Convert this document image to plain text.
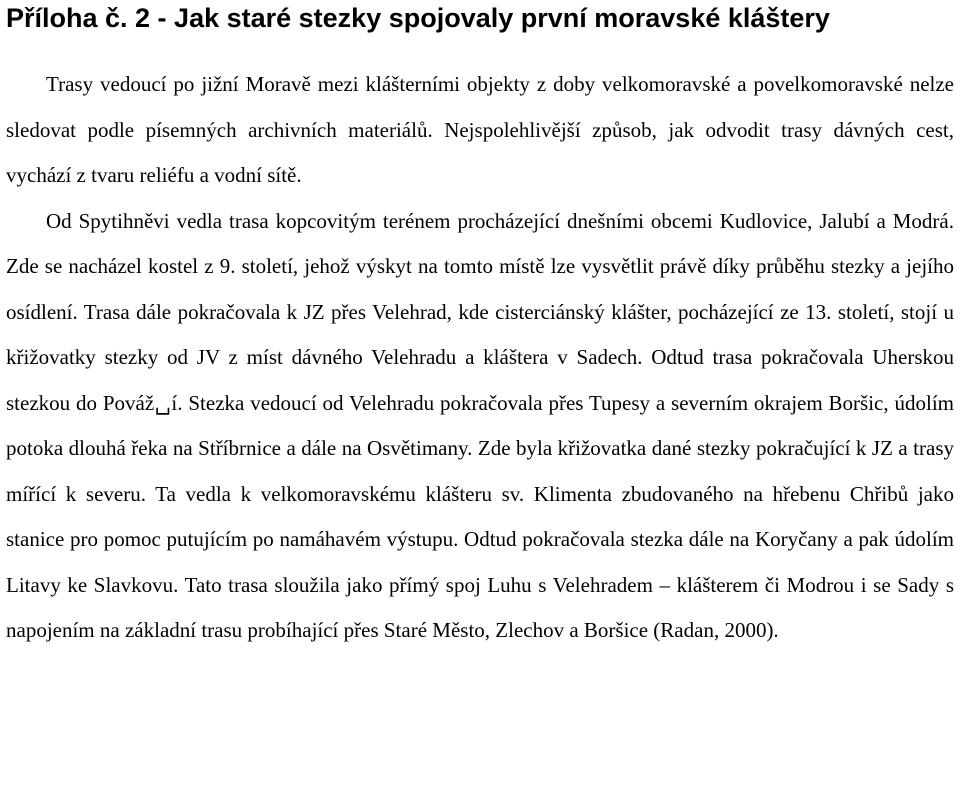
Příloha č. 2 - Jak staré stezky spojovaly první moravské kláštery

Trasy vedoucí po jižní Moravě mezi klášterními objekty z doby velkomoravské a povelkomoravské nelze sledovat podle písemných archivních materiálů. Nejspolehlivější způsob, jak odvodit trasy dávných cest, vychází z tvaru reliéfu a vodní sítě.

Od Spytihněvi vedla trasa kopcovitým terénem procházející dnešními obcemi Kudlovice, Jalubí a Modrá. Zde se nacházel kostel z 9. století, jehož výskyt na tomto místě lze vysvětlit právě díky průběhu stezky a jejího osídlení. Trasa dále pokračovala k JZ přes Velehrad, kde cisterciánský klášter, pocházející ze 13. století, stojí u křižovatky stezky od JV z míst dávného Velehradu a kláštera v Sadech. Odtud trasa pokračovala Uherskou stezkou do Pováž␣í. Stezka vedoucí od Velehradu pokračovala přes Tupesy a severním okrajem Boršic, údolím potoka dlouhá řeka na Stříbrnice a dále na Osvětimany. Zde byla křižovatka dané stezky pokračující k JZ a trasy mířící k severu. Ta vedla k velkomoravskému klášteru sv. Klimenta zbudovaného na hřebenu Chřibů jako stanice pro pomoc putujícím po namáhavém výstupu. Odtud pokračovala stezka dále na Koryčany a pak údolím Litavy ke Slavkovu. Tato trasa sloužila jako přímý spoj Luhu s Velehradem – klášterem či Modrou i se Sady s napojením na základní trasu probíhající přes Staré Město, Zlechov a Boršice (Radan, 2000).
